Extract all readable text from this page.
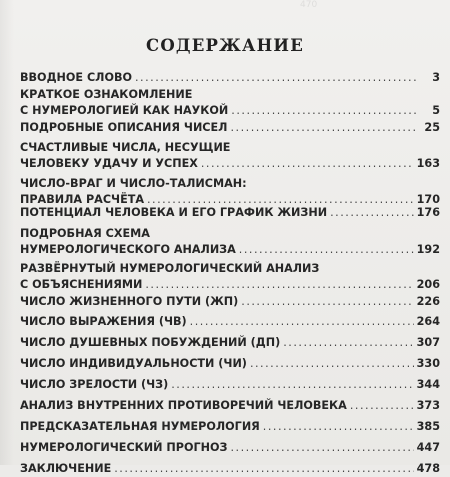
470
СОДЕРЖАНИЕ
ВВОДНОЕ СЛОВО .....	3
КРАТКОЕ ОЗНАКОМЛЕНИЕ
С НУМЕРОЛОГИЕЙ КАК НАУКОЙ .....	5
ПОДРОБНЫЕ ОПИСАНИЯ ЧИСЕЛ .....	25
СЧАСТЛИВЫЕ ЧИСЛА, НЕСУЩИЕ
ЧЕЛОВЕКУ УДАЧУ И УСПЕХ .....	163
ЧИСЛО-ВРАГ И ЧИСЛО-ТАЛИСМАН:
ПРАВИЛА РАСЧЁТА .....	170
ПОТЕНЦИАЛ ЧЕЛОВЕКА И ЕГО ГРАФИК ЖИЗНИ .....	176
ПОДРОБНАЯ СХЕМА
НУМЕРОЛОГИЧЕСКОГО АНАЛИЗА .....	192
РАЗВЁРНУТЫЙ НУМЕРОЛОГИЧЕСКИЙ АНАЛИЗ
С ОБЪЯСНЕНИЯМИ .....	206
ЧИСЛО ЖИЗНЕННОГО ПУТИ (ЖП) .....	226
ЧИСЛО ВЫРАЖЕНИЯ (ЧВ) .....	264
ЧИСЛО ДУШЕВНЫХ ПОБУЖДЕНИЙ (ДП) .....	307
ЧИСЛО ИНДИВИДУАЛЬНОСТИ (ЧИ) .....	330
ЧИСЛО ЗРЕЛОСТИ (ЧЗ) .....	344
АНАЛИЗ ВНУТРЕННИХ ПРОТИВОРЕЧИЙ ЧЕЛОВЕКА .....	373
ПРЕДСКАЗАТЕЛЬНАЯ НУМЕРОЛОГИЯ .....	385
НУМЕРОЛОГИЧЕСКИЙ ПРОГНОЗ .....	447
ЗАКЛЮЧЕНИЕ .....	478
